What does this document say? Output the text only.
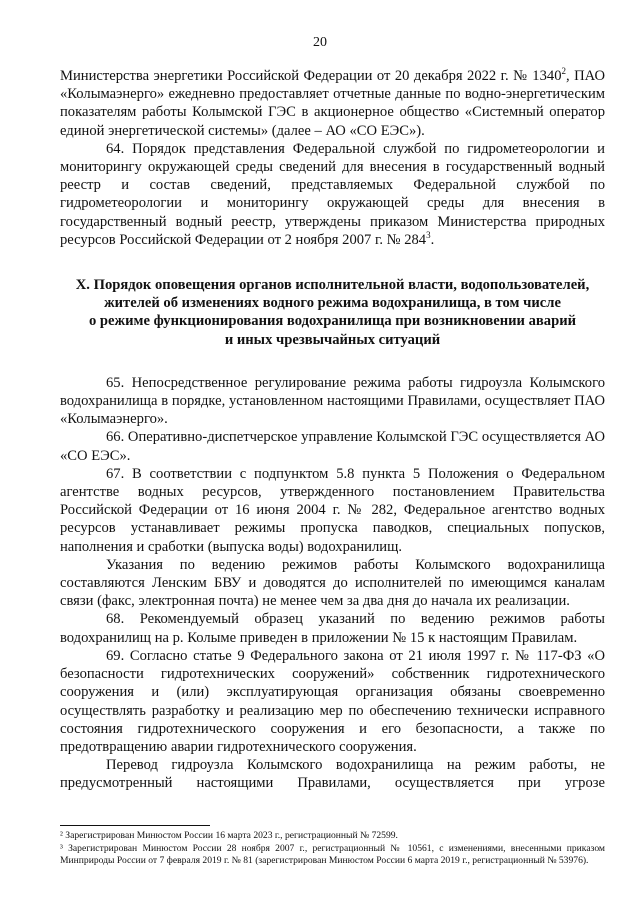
20

Министерства энергетики Российской Федерации от 20 декабря 2022 г. № 1340$^2$, ПАО «Колымаэнерго» ежедневно предоставляет отчетные данные по водно-энергетическим показателям работы Колымской ГЭС в акционерное общество «Системный оператор единой энергетической системы» (далее – АО «СО ЕЭС»).

64. Порядок представления Федеральной службой по гидрометеорологии и мониторингу окружающей среды сведений для внесения в государственный водный реестр и состав сведений, представляемых Федеральной службой по гидрометеорологии и мониторингу окружающей среды для внесения в государственный водный реестр, утверждены приказом Министерства природных ресурсов Российской Федерации от 2 ноября 2007 г. № $284^3$.

X. Порядок оповещения органов исполнительной власти, водопользователей,
жителей об изменениях водного режима водохранилища, в том числе
о режиме функционирования водохранилища при возникновении аварий
и иных чрезвычайных ситуаций

65. Непосредственное регулирование режима работы гидроузла Колымского водохранилища в порядке, установленном настоящими Правилами, осуществляет ПАО «Колымаэнерго».

66. Оперативно-диспетчерское управление Колымской ГЭС осуществляется АО «СО ЕЭС».

67. В соответствии с подпунктом 5.8 пункта 5 Положения о Федеральном агентстве водных ресурсов, утвержденного постановлением Правительства Российской Федерации от 16 июня 2004 г. № 282, Федеральное агентство водных ресурсов устанавливает режимы пропуска паводков, специальных попусков, наполнения и сработки (выпуска воды) водохранилищ.

Указания по ведению режимов работы Колымского водохранилища составляются Ленским БВУ и доводятся до исполнителей по имеющимся каналам связи (факс, электронная почта) не менее чем за два дня до начала их реализации.

68. Рекомендуемый образец указаний по ведению режимов работы водохранилищ на р. Колыме приведен в приложении № 15 к настоящим Правилам.

69. Согласно статье 9 Федерального закона от 21 июля 1997 г. № 117-ФЗ «О безопасности гидротехнических сооружений» собственник гидротехнического сооружения и (или) эксплуатирующая организация обязаны своевременно осуществлять разработку и реализацию мер по обеспечению технически исправного состояния гидротехнического сооружения и его безопасности, а также по предотвращению аварии гидротехнического сооружения.

Перевод гидроузла Колымского водохранилища на режим работы, не предусмотренный настоящими Правилами, осуществляется при угрозе

² Зарегистрирован Минюстом России 16 марта 2023 г., регистрационный № 72599.

³ Зарегистрирован Минюстом России 28 ноября 2007 г., регистрационный № 10561, с изменениями, внесенными приказом Минприроды России от 7 февраля 2019 г. № 81 (зарегистрирован Минюстом России 6 марта 2019 г., регистрационный № 53976).
